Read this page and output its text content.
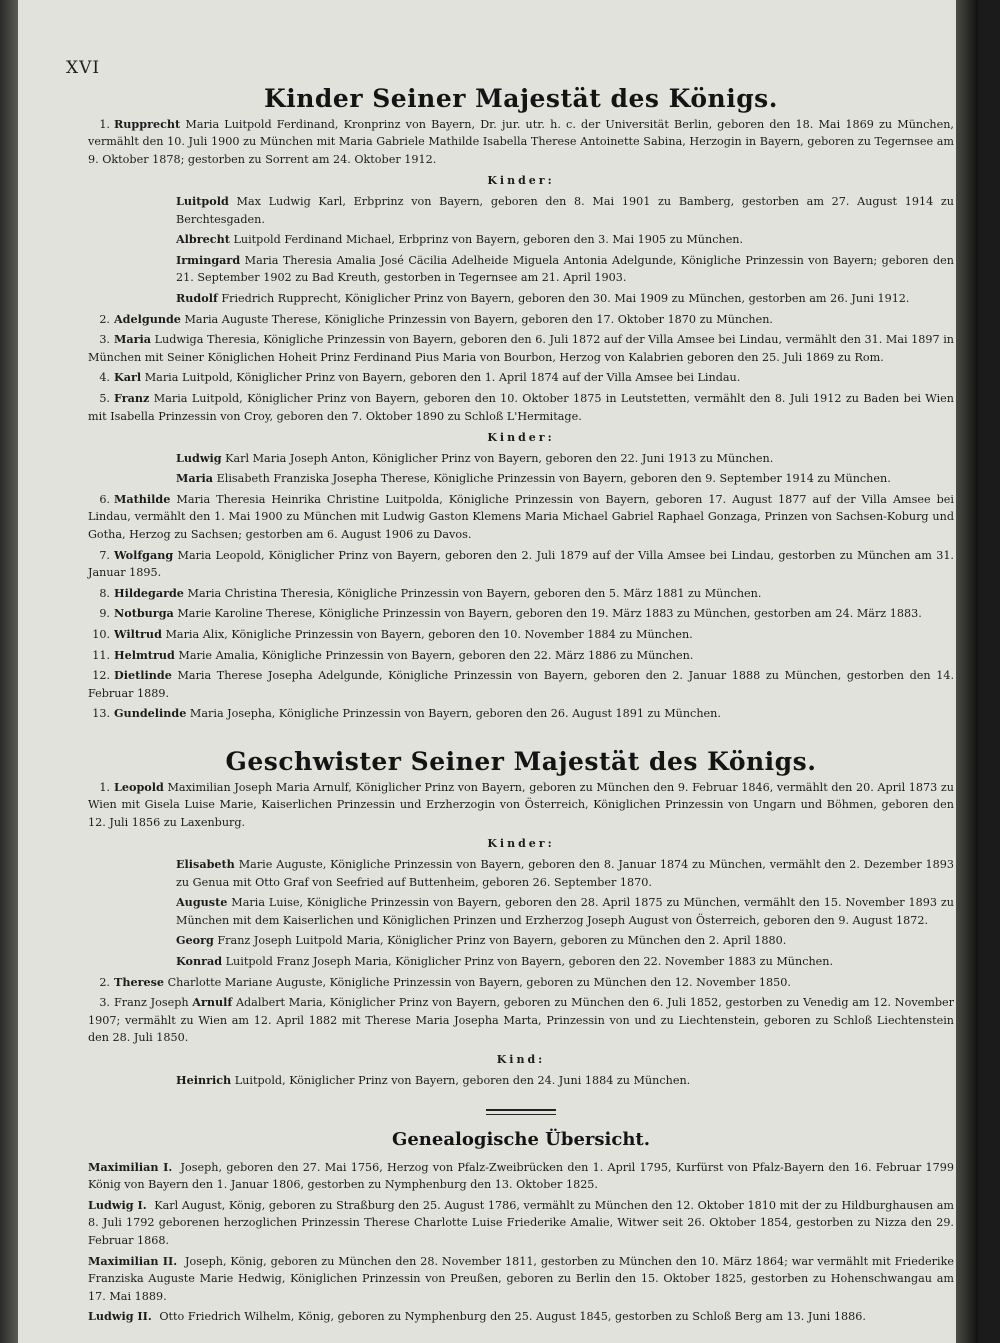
XVI
Kinder Seiner Majestät des Königs.
1. Rupprecht Maria Luitpold Ferdinand, Kronprinz von Bayern, Dr. jur. utr. h. c. der Universität Berlin, geboren den 18. Mai 1869 zu München, vermählt den 10. Juli 1900 zu München mit Maria Gabriele Mathilde Isabella Therese Antoinette Sabina, Herzogin in Bayern, geboren zu Tegernsee am 9. Oktober 1878; gestorben zu Sorrent am 24. Oktober 1912.
Kinder:
Luitpold Max Ludwig Karl, Erbprinz von Bayern, geboren den 8. Mai 1901 zu Bamberg, gestorben am 27. August 1914 zu Berchtesgaden.
Albrecht Luitpold Ferdinand Michael, Erbprinz von Bayern, geboren den 3. Mai 1905 zu München.
Irmingard Maria Theresia Amalia José Cäcilia Adelheide Miguela Antonia Adelgunde, Königliche Prinzessin von Bayern; geboren den 21. September 1902 zu Bad Kreuth, gestorben in Tegernsee am 21. April 1903.
Rudolf Friedrich Rupprecht, Königlicher Prinz von Bayern, geboren den 30. Mai 1909 zu München, gestorben am 26. Juni 1912.
2. Adelgunde Maria Auguste Therese, Königliche Prinzessin von Bayern, geboren den 17. Oktober 1870 zu München.
3. Maria Ludwiga Theresia, Königliche Prinzessin von Bayern, geboren den 6. Juli 1872 auf der Villa Amsee bei Lindau, vermählt den 31. Mai 1897 in München mit Seiner Königlichen Hoheit Prinz Ferdinand Pius Maria von Bourbon, Herzog von Kalabrien geboren den 25. Juli 1869 zu Rom.
4. Karl Maria Luitpold, Königlicher Prinz von Bayern, geboren den 1. April 1874 auf der Villa Amsee bei Lindau.
5. Franz Maria Luitpold, Königlicher Prinz von Bayern, geboren den 10. Oktober 1875 in Leutstetten, vermählt den 8. Juli 1912 zu Baden bei Wien mit Isabella Prinzessin von Croy, geboren den 7. Oktober 1890 zu Schloß L'Hermitage.
Kinder:
Ludwig Karl Maria Joseph Anton, Königlicher Prinz von Bayern, geboren den 22. Juni 1913 zu München.
Maria Elisabeth Franziska Josepha Therese, Königliche Prinzessin von Bayern, geboren den 9. September 1914 zu München.
6. Mathilde Maria Theresia Heinrika Christine Luitpolda, Königliche Prinzessin von Bayern, geboren 17. August 1877 auf der Villa Amsee bei Lindau, vermählt den 1. Mai 1900 zu München mit Ludwig Gaston Klemens Maria Michael Gabriel Raphael Gonzaga, Prinzen von Sachsen-Koburg und Gotha, Herzog zu Sachsen; gestorben am 6. August 1906 zu Davos.
7. Wolfgang Maria Leopold, Königlicher Prinz von Bayern, geboren den 2. Juli 1879 auf der Villa Amsee bei Lindau, gestorben zu München am 31. Januar 1895.
8. Hildegarde Maria Christina Theresia, Königliche Prinzessin von Bayern, geboren den 5. März 1881 zu München.
9. Notburga Marie Karoline Therese, Königliche Prinzessin von Bayern, geboren den 19. März 1883 zu München, gestorben am 24. März 1883.
10. Wiltrud Maria Alix, Königliche Prinzessin von Bayern, geboren den 10. November 1884 zu München.
11. Helmtrud Marie Amalia, Königliche Prinzessin von Bayern, geboren den 22. März 1886 zu München.
12. Dietlinde Maria Therese Josepha Adelgunde, Königliche Prinzessin von Bayern, geboren den 2. Januar 1888 zu München, gestorben den 14. Februar 1889.
13. Gundelinde Maria Josepha, Königliche Prinzessin von Bayern, geboren den 26. August 1891 zu München.
Geschwister Seiner Majestät des Königs.
1. Leopold Maximilian Joseph Maria Arnulf, Königlicher Prinz von Bayern, geboren zu München den 9. Februar 1846, vermählt den 20. April 1873 zu Wien mit Gisela Luise Marie, Kaiserlichen Prinzessin und Erzherzogin von Österreich, Königlichen Prinzessin von Ungarn und Böhmen, geboren den 12. Juli 1856 zu Laxenburg.
Kinder:
Elisabeth Marie Auguste, Königliche Prinzessin von Bayern, geboren den 8. Januar 1874 zu München, vermählt den 2. Dezember 1893 zu Genua mit Otto Graf von Seefried auf Buttenheim, geboren 26. September 1870.
Auguste Maria Luise, Königliche Prinzessin von Bayern, geboren den 28. April 1875 zu München, vermählt den 15. November 1893 zu München mit dem Kaiserlichen und Königlichen Prinzen und Erzherzog Joseph August von Österreich, geboren den 9. August 1872.
Georg Franz Joseph Luitpold Maria, Königlicher Prinz von Bayern, geboren zu München den 2. April 1880.
Konrad Luitpold Franz Joseph Maria, Königlicher Prinz von Bayern, geboren den 22. November 1883 zu München.
2. Therese Charlotte Mariane Auguste, Königliche Prinzessin von Bayern, geboren zu München den 12. November 1850.
3. Franz Joseph Arnulf Adalbert Maria, Königlicher Prinz von Bayern, geboren zu München den 6. Juli 1852, gestorben zu Venedig am 12. November 1907; vermählt zu Wien am 12. April 1882 mit Therese Maria Josepha Marta, Prinzessin von und zu Liechtenstein, geboren zu Schloß Liechtenstein den 28. Juli 1850.
Kind:
Heinrich Luitpold, Königlicher Prinz von Bayern, geboren den 24. Juni 1884 zu München.
Genealogische Übersicht.
Maximilian I. Joseph, geboren den 27. Mai 1756, Herzog von Pfalz-Zweibrücken den 1. April 1795, Kurfürst von Pfalz-Bayern den 16. Februar 1799 König von Bayern den 1. Januar 1806, gestorben zu Nymphenburg den 13. Oktober 1825.
Ludwig I. Karl August, König, geboren zu Straßburg den 25. August 1786, vermählt zu München den 12. Oktober 1810 mit der zu Hildburghausen am 8. Juli 1792 geborenen herzoglichen Prinzessin Therese Charlotte Luise Friederike Amalie, Witwer seit 26. Oktober 1854, gestorben zu Nizza den 29. Februar 1868.
Maximilian II. Joseph, König, geboren zu München den 28. November 1811, gestorben zu München den 10. März 1864; war vermählt mit Friederike Franziska Auguste Marie Hedwig, Königlichen Prinzessin von Preußen, geboren zu Berlin den 15. Oktober 1825, gestorben zu Hohenschwangau am 17. Mai 1889.
Ludwig II. Otto Friedrich Wilhelm, König, geboren zu Nymphenburg den 25. August 1845, gestorben zu Schloß Berg am 13. Juni 1886.
